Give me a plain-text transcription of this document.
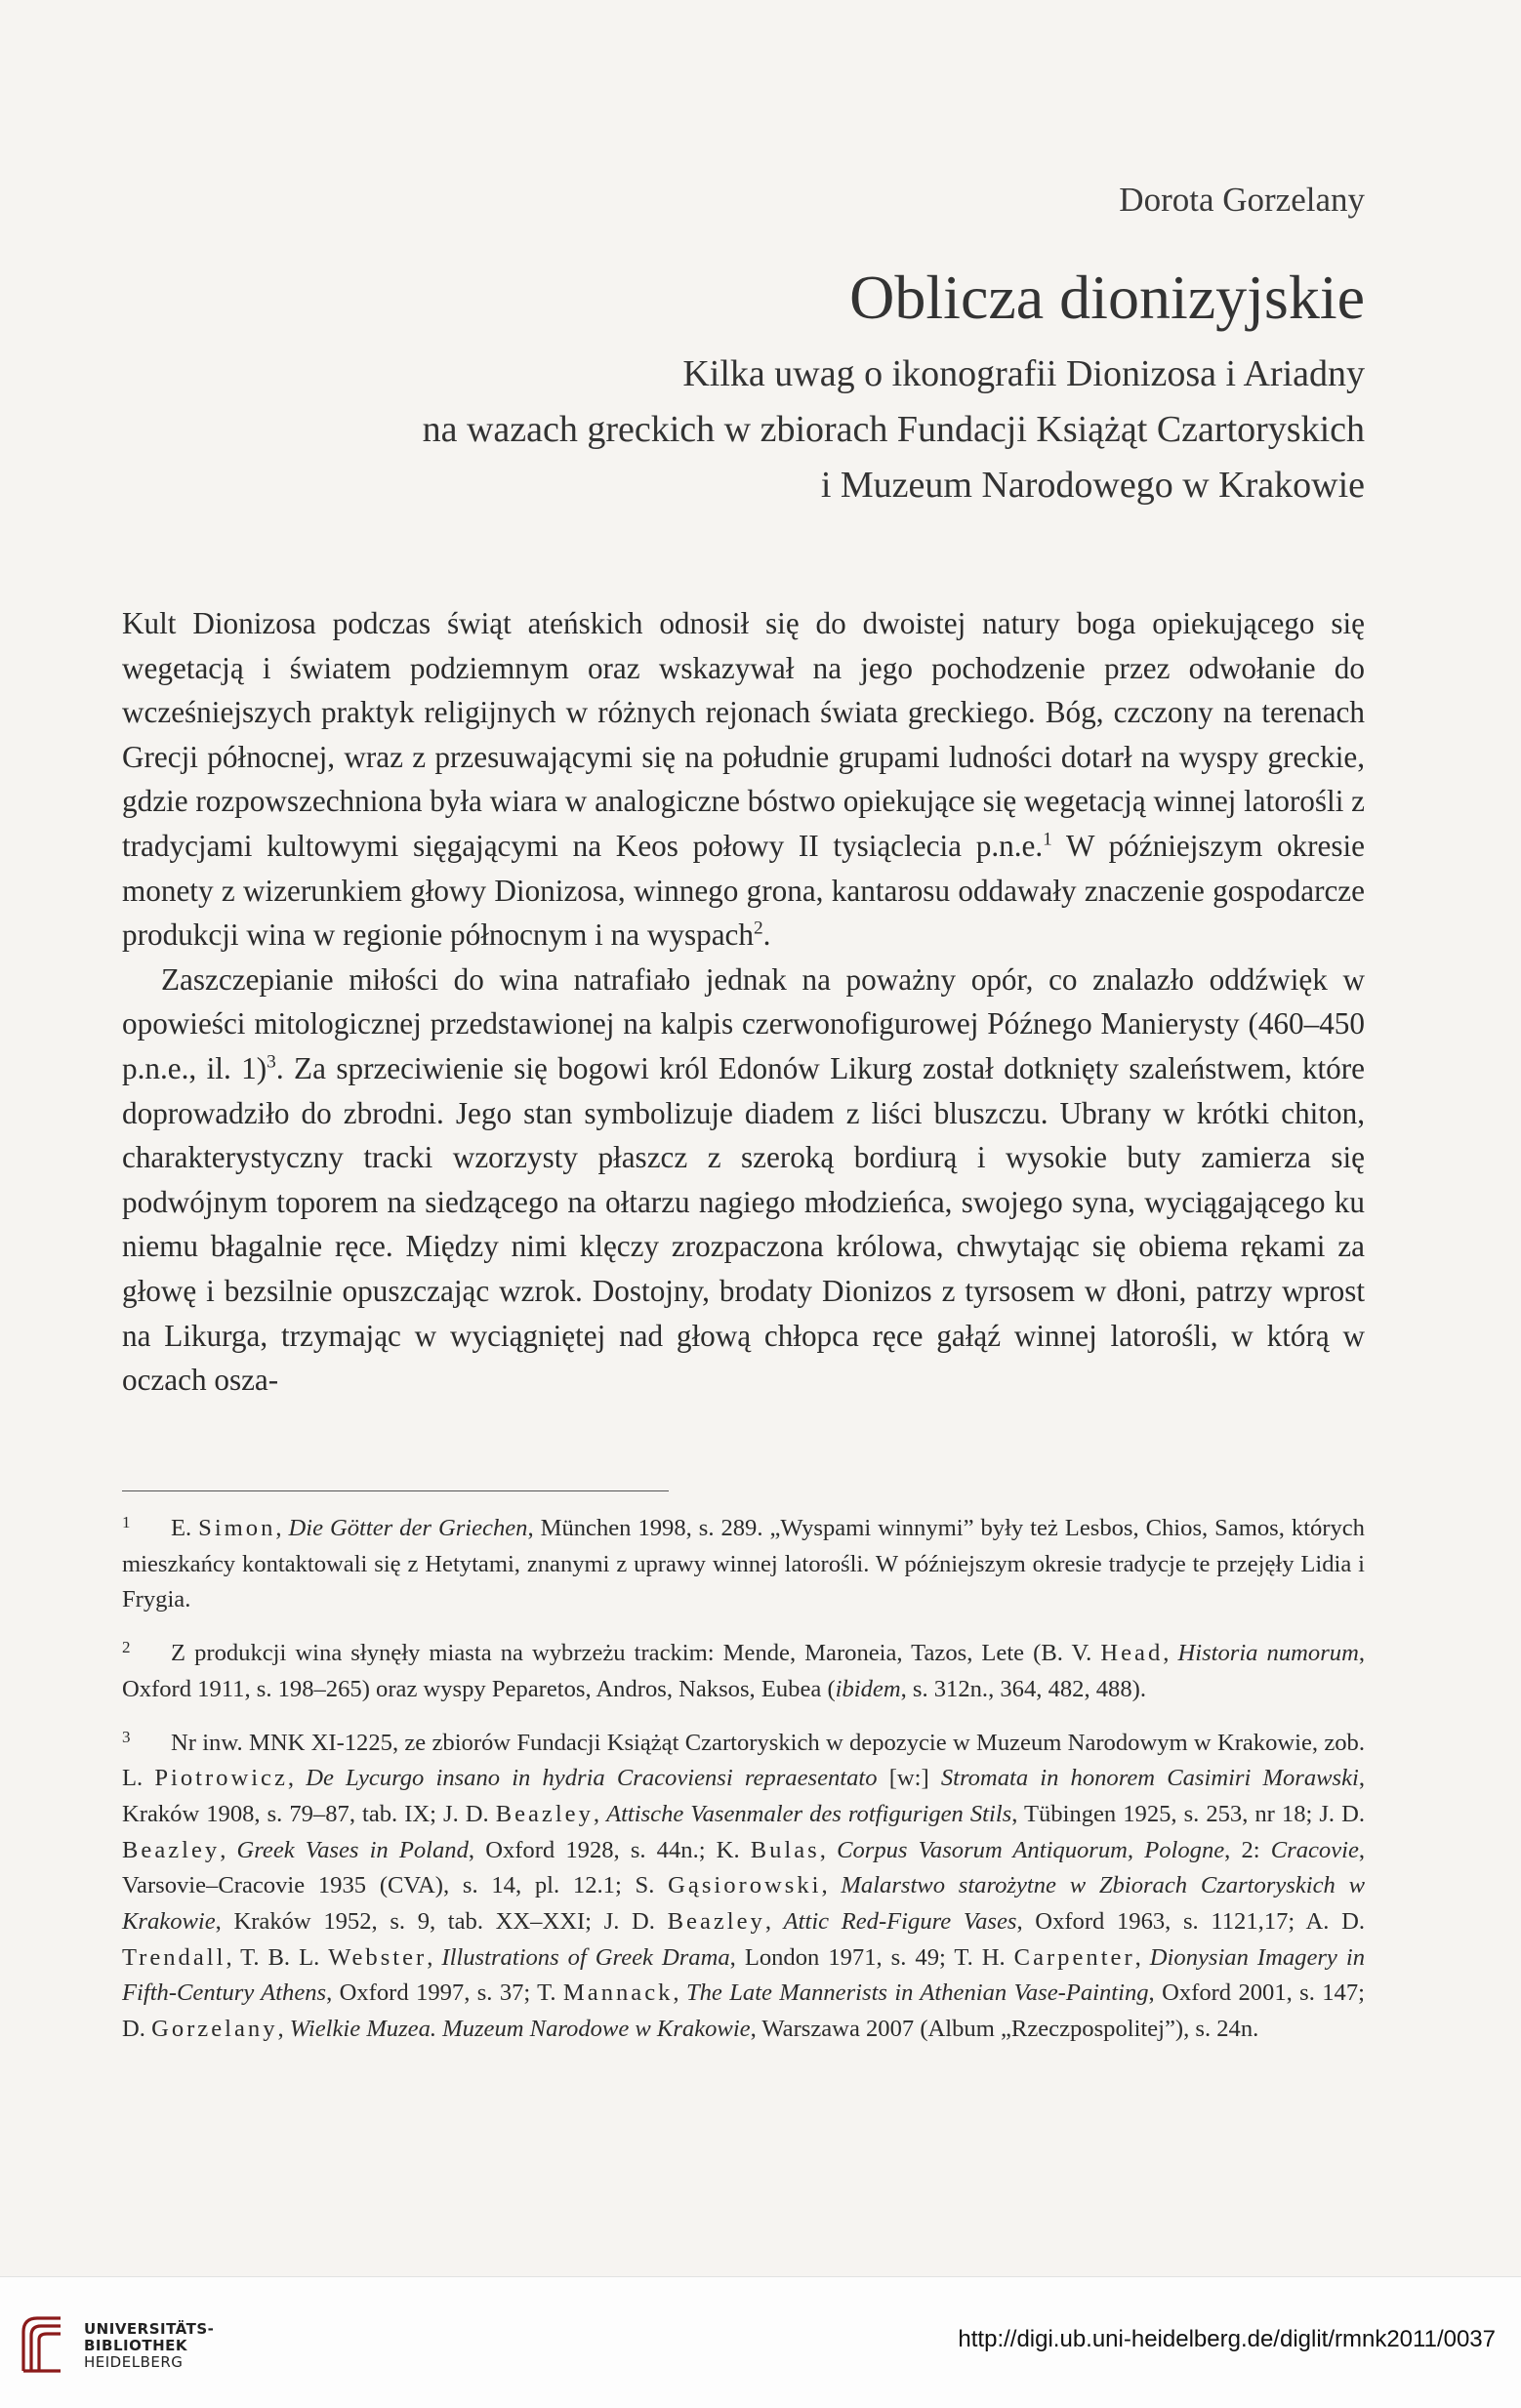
Dorota Gorzelany
Oblicza dionizyjskie
Kilka uwag o ikonografii Dionizosa i Ariadny
na wazach greckich w zbiorach Fundacji Książąt Czartoryskich
i Muzeum Narodowego w Krakowie

Kult Dionizosa podczas świąt ateńskich odnosił się do dwoistej natury boga opiekującego się wegetacją i światem podziemnym oraz wskazywał na jego pochodzenie przez odwołanie do wcześniejszych praktyk religijnych w różnych rejonach świata greckiego. Bóg, czczony na terenach Grecji północnej, wraz z przesuwającymi się na południe grupami ludności dotarł na wyspy greckie, gdzie rozpowszechniona była wiara w analogiczne bóstwo opiekujące się wegetacją winnej latorośli z tradycjami kultowymi sięgającymi na Keos połowy II tysiąclecia p.n.e.$^1$ W późniejszym okresie monety z wizerunkiem głowy Dionizosa, winnego grona, kantarosu oddawały znaczenie gospodarcze produkcji wina w regionie północnym i na wyspach$^2$.

Zaszczepianie miłości do wina natrafiało jednak na poważny opór, co znalazło oddźwięk w opowieści mitologicznej przedstawionej na kalpis czerwonofigurowej Późnego Manierysty (460–450 p.n.e., il. 1)$^3$. Za sprzeciwienie się bogowi król Edonów Likurg został dotknięty szaleństwem, które doprowadziło do zbrodni. Jego stan symbolizuje diadem z liści bluszczu. Ubrany w krótki chiton, charakterystyczny tracki wzorzysty płaszcz z szeroką bordiurą i wysokie buty zamierza się podwójnym toporem na siedzącego na ołtarzu nagiego młodzieńca, swojego syna, wyciągającego ku niemu błagalnie ręce. Między nimi klęczy zrozpaczona królowa, chwytając się obiema rękami za głowę i bezsilnie opuszczając wzrok. Dostojny, brodaty Dionizos z tyrsosem w dłoni, patrzy wprost na Likurga, trzymając w wyciągniętej nad głową chłopca ręce gałąź winnej latorośli, w którą w oczach osza-

1 E. Simon, Die Götter der Griechen, München 1998, s. 289. „Wyspami winnymi” były też Lesbos, Chios, Samos, których mieszkańcy kontaktowali się z Hetytami, znanymi z uprawy winnej latorośli. W późniejszym okresie tradycje te przejęły Lidia i Frygia.

2 Z produkcji wina słynęły miasta na wybrzeżu trackim: Mende, Maroneia, Tazos, Lete (B. V. Head, Historia numorum, Oxford 1911, s. 198–265) oraz wyspy Peparetos, Andros, Naksos, Eubea (ibidem, s. 312n., 364, 482, 488).

3 Nr inw. MNK XI-1225, ze zbiorów Fundacji Książąt Czartoryskich w depozycie w Muzeum Narodowym w Krakowie, zob. L. Piotrowicz, De Lycurgo insano in hydria Cracoviensi repraesentato [w:] Stromata in honorem Casimiri Morawski, Kraków 1908, s. 79–87, tab. IX; J. D. Beazley, Attische Vasenmaler des rotfigurigen Stils, Tübingen 1925, s. 253, nr 18; J. D. Beazley, Greek Vases in Poland, Oxford 1928, s. 44n.; K. Bulas, Corpus Vasorum Antiquorum, Pologne, 2: Cracovie, Varsovie–Cracovie 1935 (CVA), s. 14, pl. 12.1; S. Gąsiorowski, Malarstwo starożytne w Zbiorach Czartoryskich w Krakowie, Kraków 1952, s. 9, tab. XX–XXI; J. D. Beazley, Attic Red-Figure Vases, Oxford 1963, s. 1121,17; A. D. Trendall, T. B. L. Webster, Illustrations of Greek Drama, London 1971, s. 49; T. H. Carpenter, Dionysian Imagery in Fifth-Century Athens, Oxford 1997, s. 37; T. Mannack, The Late Mannerists in Athenian Vase-Painting, Oxford 2001, s. 147; D. Gorzelany, Wielkie Muzea. Muzeum Narodowe w Krakowie, Warszawa 2007 (Album „Rzeczpospolitej”), s. 24n.

UNIVERSITÄTS-
BIBLIOTHEK
HEIDELBERG
http://digi.ub.uni-heidelberg.de/diglit/rmnk2011/0037
